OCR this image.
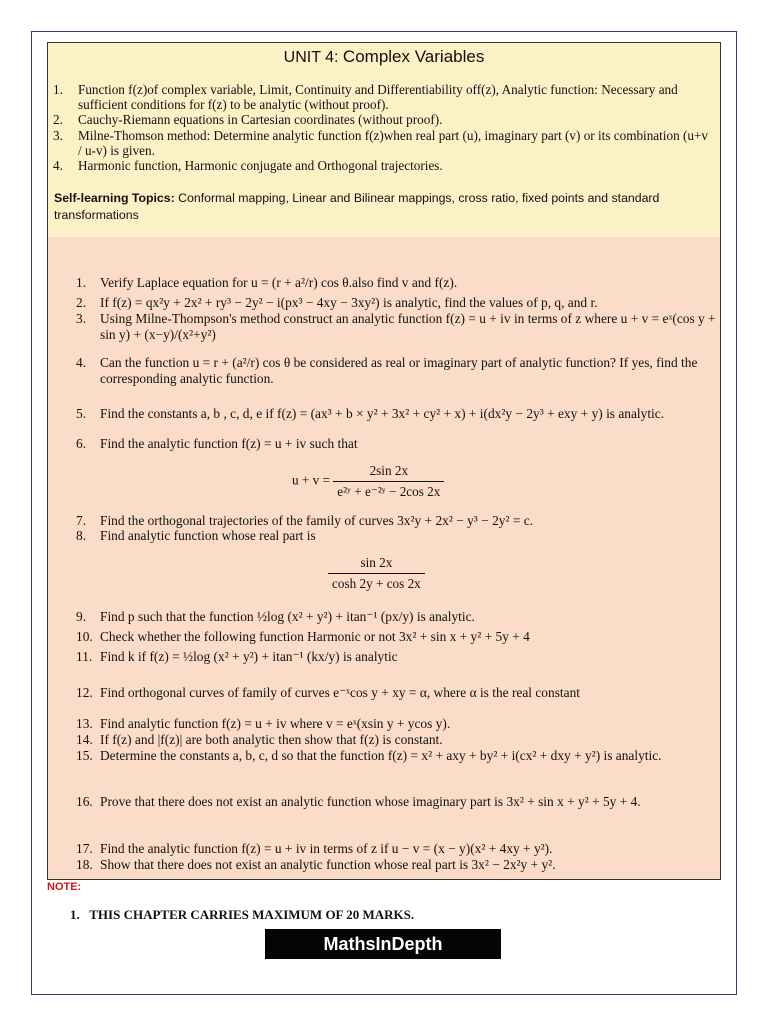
UNIT 4: Complex Variables
1. Function f(z)of complex variable, Limit, Continuity and Differentiability off(z), Analytic function: Necessary and sufficient conditions for f(z) to be analytic (without proof).
2. Cauchy-Riemann equations in Cartesian coordinates (without proof).
3. Milne-Thomson method: Determine analytic function f(z)when real part (u), imaginary part (v) or its combination (u+v / u-v) is given.
4. Harmonic function, Harmonic conjugate and Orthogonal trajectories.
Self-learning Topics: Conformal mapping, Linear and Bilinear mappings, cross ratio, fixed points and standard transformations
1. Verify Laplace equation for u = (r + a²/r) cos θ.also find v and f(z).
2. If f(z) = qx²y + 2x² + ry³ − 2y² − i(px³ − 4xy − 3xy²) is analytic, find the values of p, q, and r.
3. Using Milne-Thompson's method construct an analytic function f(z) = u + iv in terms of z where u + v = eˣ(cos y + sin y) + (x−y)/(x²+y²)
4. Can the function u = r + (a²/r) cos θ be considered as real or imaginary part of analytic function? If yes, find the corresponding analytic function.
5. Find the constants a, b , c, d, e if f(z) = (ax³ + b × y² + 3x² + cy² + x) + i(dx²y − 2y³ + exy + y) is analytic.
6. Find the analytic function f(z) = u + iv such that
$u + v = \frac{2\sin 2x}{\text{e²ʸ + e⁻²ʸ − 2cos 2x}}$
7. Find the orthogonal trajectories of the family of curves 3x²y + 2x² − y³ − 2y² = c.
8. Find analytic function whose real part is
$\frac{\sin 2x}{\cosh 2y + \cos 2x}$
9. Find p such that the function ½log (x² + y²) + itan⁻¹ (px/y) is analytic.
10. Check whether the following function Harmonic or not 3x² + sin x + y² + 5y + 4
11. Find k if f(z) = ½log (x² + y²) + itan⁻¹ (kx/y) is analytic
12. Find orthogonal curves of family of curves e⁻ˣcos y + xy = α, where α is the real constant
13. Find analytic function f(z) = u + iv where v = eˣ(xsin y + ycos y).
14. If f(z) and |f(z)| are both analytic then show that f(z) is constant.
15. Determine the constants a, b, c, d so that the function f(z) = x² + axy + by² + i(cx² + dxy + y²) is analytic.
16. Prove that there does not exist an analytic function whose imaginary part is 3x² + sin x + y² + 5y + 4.
17. Find the analytic function f(z) = u + iv in terms of z if u − v = (x − y)(x² + 4xy + y²).
18. Show that there does not exist an analytic function whose real part is 3x² − 2x²y + y².
NOTE:
1. THIS CHAPTER CARRIES MAXIMUM OF 20 MARKS.
MathsInDepth
